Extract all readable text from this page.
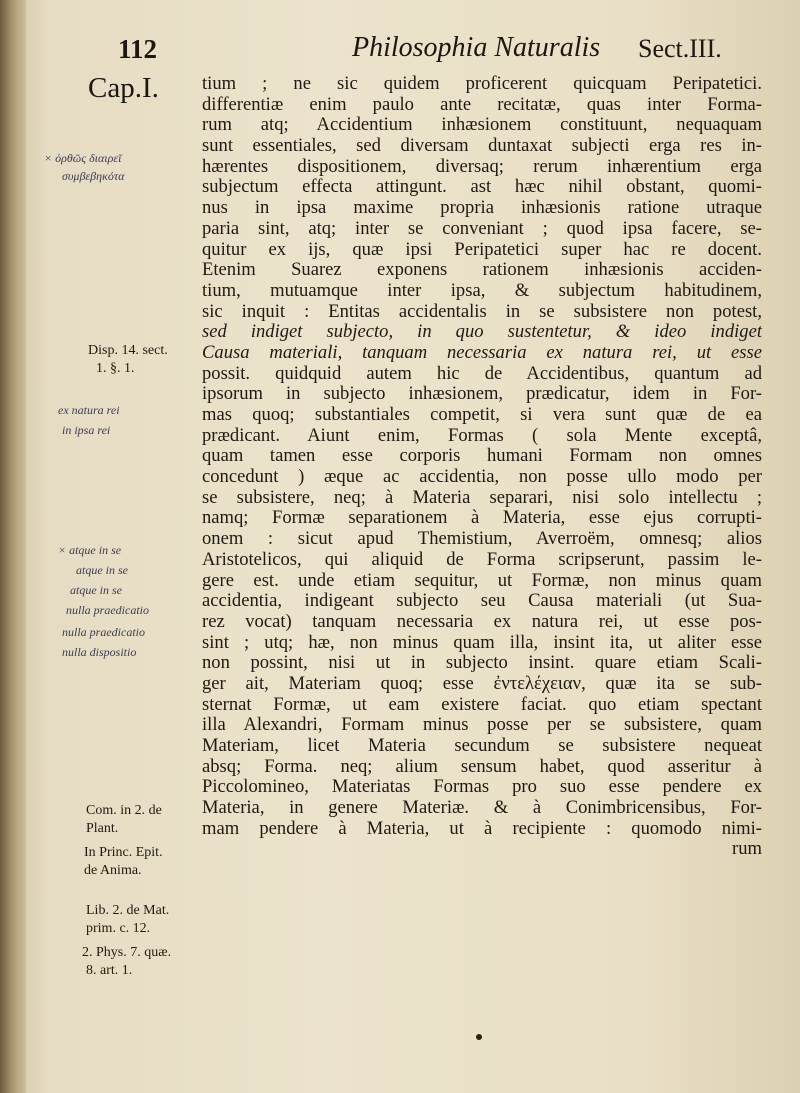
112	Philosophia Naturalis Sect.III.
Cap.I. tium ; ne sic quidem proficerent quicquam Peripatetici.
differentiæ enim paulo ante recitatæ, quas inter Forma-
rum atq; Accidentium inhæsionem constituunt, nequaquam
sunt essentiales, sed diversam duntaxat subjecti erga res in-
hærentes dispositionem, diversaq; rerum inhærentium erga
subjectum effecta attingunt. ast hæc nihil obstant, quomi-
nus in ipsa maxime propria inhæsionis ratione utraque
paria sint, atq; inter se conveniant ; quod ipsa facere, se-
quitur ex ijs, quæ ipsi Peripatetici super hac re docent.
Etenim Suarez exponens rationem inhæsionis acciden-
tium, mutuamque inter ipsa, & subjectum habitudinem,
sic inquit : Entitas accidentalis in se subsistere non potest,
sed indiget subjecto, in quo sustentetur, & ideo indiget
Causa materiali, tanquam necessaria ex natura rei, ut esse
possit. quidquid autem hic de Accidentibus, quantum ad
ipsorum in subjecto inhæsionem, prædicatur, idem in For-
mas quoq; substantiales competit, si vera sunt quæ de ea
prædicant. Aiunt enim, Formas ( sola Mente exceptâ,
quam tamen esse corporis humani Formam non omnes
concedunt ) æque ac accidentia, non posse ullo modo per
se subsistere, neq; à Materia separari, nisi solo intellectu ;
namq; Formæ separationem à Materia, esse ejus corrupti-
onem : sicut apud Themistium, Averroëm, omnesq; alios
Aristotelicos, qui aliquid de Forma scripserunt, passim le-
gere est. unde etiam sequitur, ut Formæ, non minus quam
accidentia, indigeant subjecto seu Causa materiali (ut Sua-
rez vocat) tanquam necessaria ex natura rei, ut esse pos-
sint ; utq; hæ, non minus quam illa, insint ita, ut aliter esse
non possint, nisi ut in subjecto insint. quare etiam Scali-
ger ait, Materiam quoq; esse ἐντελέχειαν, quæ ita se sub-
sternat Formæ, ut eam existere faciat. quo etiam spectant
illa Alexandri, Formam minus posse per se subsistere, quam
Materiam, licet Materia secundum se subsistere nequeat
absq; Forma. neq; alium sensum habet, quod asseritur à
Piccolomineo, Materiatas Formas pro suo esse pendere ex
Materia, in genere Materiæ. & à Conimbricensibus, For-
mam pendere à Materia, ut à recipiente : quomodo nimi-
rum
Disp. 14. sect.
1. §. 1.
Com. in 2. de
Plant.
In Princ. Epit.
de Anima.
Lib. 2. de Mat.
prim. c. 12.
2. Phys. 7. quæ.
8. art. 1.
× ὀρθῶς διαιρεῖ
συμβεβηκότα
ex natura rei
in ipsa rei
× atque in se
atque in se
atque in se
nulla praedicatio
nulla praedicatio
nulla dispositio
